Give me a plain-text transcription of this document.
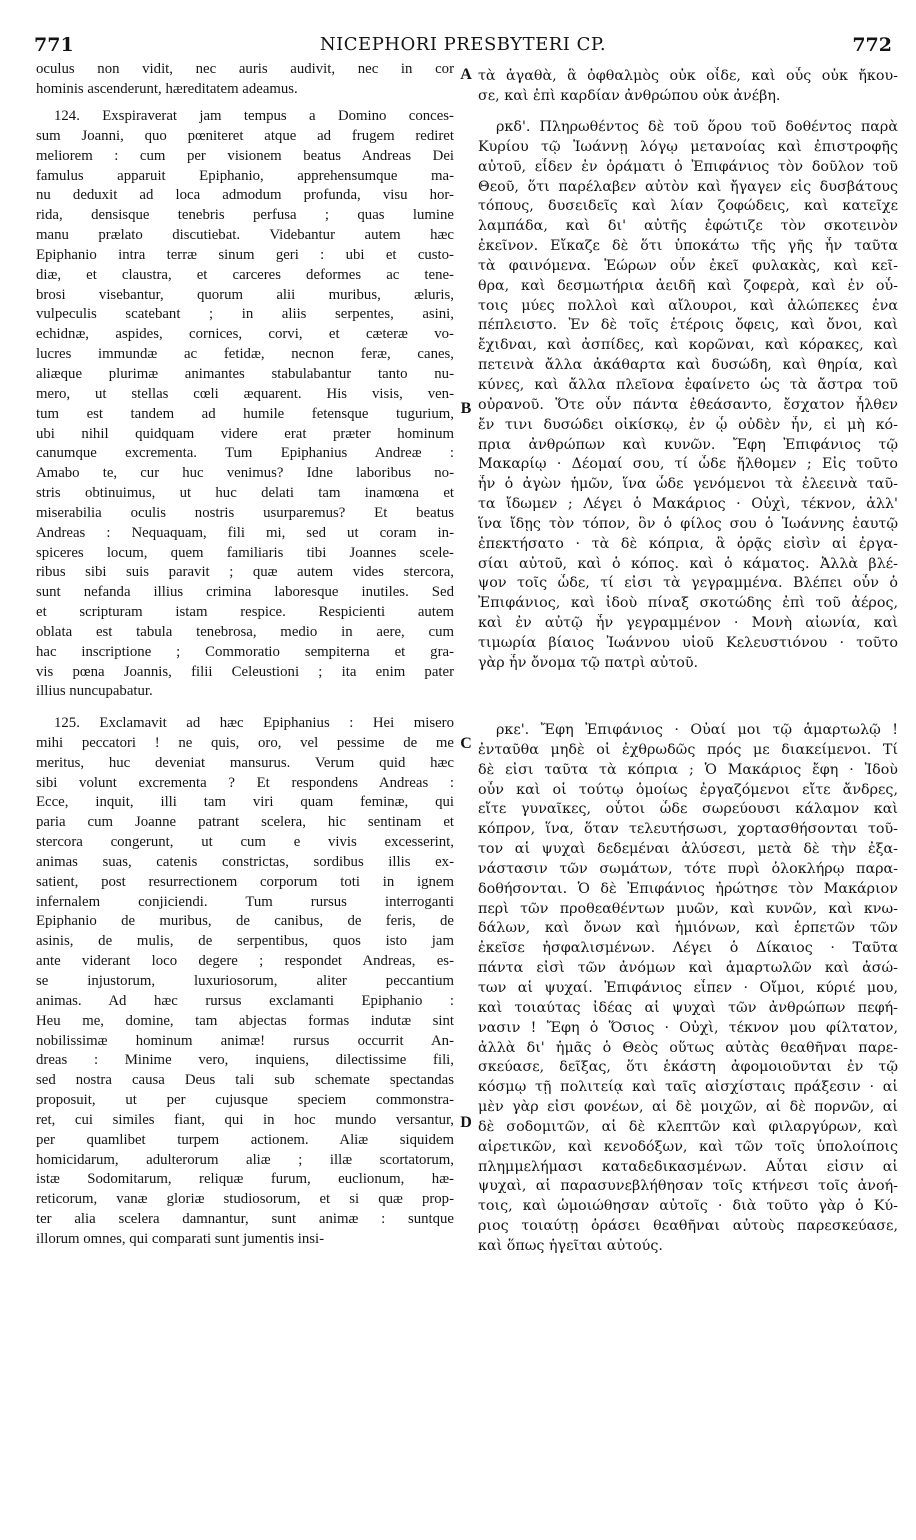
771	NICEPHORI PRESBYTERI CP.	772
oculus non vidit, nec auris audivit, nec in cor
hominis ascenderunt, hæreditatem adeamus.
124. Exspiraverat jam tempus a Domino conces-
sum Joanni, quo pœniteret atque ad frugem rediret
meliorem : cum per visionem beatus Andreas Dei
famulus apparuit Epiphanio, apprehensumque ma-
nu deduxit ad loca admodum profunda, visu hor-
rida, densisque tenebris perfusa ; quas lumine
manu prælato discutiebat. Videbantur autem hæc
Epiphanio intra terræ sinum geri : ubi et custo-
diæ, et claustra, et carceres deformes ac tene-
brosi visebantur, quorum alii muribus, æluris,
vulpeculis scatebant ; in aliis serpentes, asini,
echidnæ, aspides, cornices, corvi, et cæteræ vo-
lucres immundæ ac fetidæ, necnon feræ, canes,
aliæque plurimæ animantes stabulabantur tanto nu-
mero, ut stellas cœli æquarent. His visis, ven-
tum est tandem ad humile fetensque tugurium,
ubi nihil quidquam videre erat præter hominum
canumque excrementa. Tum Epiphanius Andreæ :
Amabo te, cur huc venimus? Idne laboribus no-
stris obtinuimus, ut huc delati tam inamœna et
miserabilia oculis nostris usurparemus? Et beatus
Andreas : Nequaquam, fili mi, sed ut coram in-
spiceres locum, quem familiaris tibi Joannes scele-
ribus sibi suis paravit ; quæ autem vides stercora,
sunt nefanda illius crimina laboresque inutiles. Sed
et scripturam istam respice. Respicienti autem
oblata est tabula tenebrosa, medio in aere, cum
hac inscriptione ; Commoratio sempiterna et gra-
vis pœna Joannis, filii Celeustioni ; ita enim pater
illius nuncupabatur.
125. Exclamavit ad hæc Epiphanius : Hei misero
mihi peccatori ! ne quis, oro, vel pessime de me
meritus, huc deveniat mansurus. Verum quid hæc
sibi volunt excrementa ? Et respondens Andreas :
Ecce, inquit, illi tam viri quam feminæ, qui
paria cum Joanne patrant scelera, hic sentinam et
stercora congerunt, ut cum e vivis excesserint,
animas suas, catenis constrictas, sordibus illis ex-
satient, post resurrectionem corporum toti in ignem
infernalem conjiciendi. Tum rursus interroganti
Epiphanio de muribus, de canibus, de feris, de
asinis, de mulis, de serpentibus, quos isto jam
ante viderant loco degere ; respondet Andreas, es-
se injustorum, luxuriosorum, aliter peccantium
animas. Ad hæc rursus exclamanti Epiphanio :
Heu me, domine, tam abjectas formas indutæ sint
nobilissimæ hominum animæ! rursus occurrit An-
dreas : Minime vero, inquiens, dilectissime fili,
sed nostra causa Deus tali sub schemate spectandas
proposuit, ut per cujusque speciem commonstra-
ret, cui similes fiant, qui in hoc mundo versantur,
per quamlibet turpem actionem. Aliæ siquidem
homicidarum, adulterorum aliæ ; illæ scortatorum,
istæ Sodomitarum, reliquæ furum, euclionum, hæ-
reticorum, vanæ gloriæ studiosorum, et si quæ prop-
ter alia scelera damnantur, sunt animæ : suntque
illorum omnes, qui comparati sunt jumentis insi-
τὰ ἀγαθὰ, ἃ ὀφθαλμὸς οὐκ οἶδε, καὶ οὖς οὐκ ἤκου-
σε, καὶ ἐπὶ καρδίαν ἀνθρώπου οὐκ ἀνέβη.
ρκδ'. Πληρωθέντος δὲ τοῦ ὅρου τοῦ δοθέντος παρὰ
Κυρίου τῷ Ἰωάννῃ λόγῳ μετανοίας καὶ ἐπιστροφῆς
αὐτοῦ, εἶδεν ἐν ὁράματι ὁ Ἐπιφάνιος τὸν δοῦλον τοῦ
Θεοῦ, ὅτι παρέλαβεν αὐτὸν καὶ ἤγαγεν εἰς δυσβάτους
τόπους, δυσειδεῖς καὶ λίαν ζοφώδεις, καὶ κατεῖχε
λαμπάδα, καὶ δι' αὐτῆς ἐφώτιζε τὸν σκοτεινὸν
ἐκεῖνον. Εἴκαζε δὲ ὅτι ὑποκάτω τῆς γῆς ἦν ταῦτα
τὰ φαινόμενα. Ἑώρων οὖν ἐκεῖ φυλακὰς, καὶ κεῖ-
θρα, καὶ δεσμωτήρια ἀειδῆ καὶ ζοφερὰ, καὶ ἐν οὖ-
τοις μύες πολλοὶ καὶ αἴλουροι, καὶ ἀλώπεκες ἐνα
πέπλειστο. Ἐν δὲ τοῖς ἑτέροις ὄφεις, καὶ ὄνοι, καὶ
ἔχιδναι, καὶ ἀσπίδες, καὶ κορῶναι, καὶ κόρακες, καὶ
πετεινὰ ἄλλα ἀκάθαρτα καὶ δυσώδη, καὶ θηρία, καὶ
κύνες, καὶ ἄλλα πλεῖονα ἐφαίνετο ὡς τὰ ἄστρα τοῦ
οὐρανοῦ. Ὅτε οὖν πάντα ἐθεάσαντο, ἔσχατον ἦλθεν
ἔν τινι δυσώδει οἰκίσκῳ, ἐν ᾧ οὐδὲν ἦν, εἰ μὴ κό-
πρια ἀνθρώπων καὶ κυνῶν. Ἔφη Ἐπιφάνιος τῷ
Μακαρίῳ · Δέομαί σου, τί ὧδε ἤλθομεν ; Εἰς τοῦτο
ἦν ὁ ἀγὼν ἡμῶν, ἵνα ὧδε γενόμενοι τὰ ἐλεεινὰ ταῦ-
τα ἴδωμεν ; Λέγει ὁ Μακάριος · Οὐχὶ, τέκνον, ἀλλ'
ἵνα ἴδῃς τὸν τόπον, ὃν ὁ φίλος σου ὁ Ἰωάννης ἑαυτῷ
ἐπεκτήσατο · τὰ δὲ κόπρια, ἃ ὁρᾷς εἰσὶν αἱ ἐργα-
σίαι αὐτοῦ, καὶ ὁ κόπος. καὶ ὁ κάματος. Ἀλλὰ βλέ-
ψον τοῖς ὧδε, τί εἰσι τὰ γεγραμμένα. Βλέπει οὖν ὁ
Ἐπιφάνιος, καὶ ἰδοὺ πίναξ σκοτώδης ἐπὶ τοῦ ἀέρος,
καὶ ἐν αὐτῷ ἦν γεγραμμένον · Μονὴ αἰωνία, καὶ
τιμωρία βίαιος Ἰωάννου υἱοῦ Κελευστιόνου · τοῦτο
γὰρ ἦν ὄνομα τῷ πατρὶ αὐτοῦ.
ρκε'. Ἔφη Ἐπιφάνιος · Οὐαί μοι τῷ ἁμαρτωλῷ !
ἐνταῦθα μηδὲ οἱ ἐχθρωδῶς πρός με διακείμενοι. Τί
δὲ εἰσι ταῦτα τὰ κόπρια ; Ὁ Μακάριος ἔφη · Ἰδοὺ
οὖν καὶ οἱ τούτῳ ὁμοίως ἐργαζόμενοι εἴτε ἄνδρες,
εἴτε γυναῖκες, οὗτοι ὧδε σωρεύουσι κάλαμον καὶ
κόπρον, ἵνα, ὅταν τελευτήσωσι, χορτασθήσονται τοῦ-
τον αἱ ψυχαὶ δεδεμέναι ἁλύσεσι, μετὰ δὲ τὴν ἐξα-
νάστασιν τῶν σωμάτων, τότε πυρὶ ὁλοκλήρῳ παρα-
δοθήσονται. Ὁ δὲ Ἐπιφάνιος ἠρώτησε τὸν Μακάριον
περὶ τῶν προθεαθέντων μυῶν, καὶ κυνῶν, καὶ κνω-
δάλων, καὶ ὄνων καὶ ἡμιόνων, καὶ ἑρπετῶν τῶν
ἐκεῖσε ἠσφαλισμένων. Λέγει ὁ Δίκαιος · Ταῦτα
πάντα εἰσὶ τῶν ἀνόμων καὶ ἁμαρτωλῶν καὶ ἀσώ-
των αἱ ψυχαί. Ἐπιφάνιος εἶπεν · Οἴμοι, κύριέ μου,
καὶ τοιαύτας ἰδέας αἱ ψυχαὶ τῶν ἀνθρώπων πεφή-
νασιν ! Ἔφη ὁ Ὅσιος · Οὐχὶ, τέκνον μου φίλτατον,
ἀλλὰ δι' ἡμᾶς ὁ Θεὸς οὕτως αὐτὰς θεαθῆναι παρε-
σκεύασε, δεῖξας, ὅτι ἑκάστη ἀφομοιοῦνται ἐν τῷ
κόσμῳ τῇ πολιτείᾳ καὶ ταῖς αἰσχίσταις πράξεσιν · αἱ
μὲν γὰρ εἰσι φονέων, αἱ δὲ μοιχῶν, αἱ δὲ πορνῶν, αἱ
δὲ σοδομιτῶν, αἱ δὲ κλεπτῶν καὶ φιλαργύρων, καὶ
αἱρετικῶν, καὶ κενοδόξων, καὶ τῶν τοῖς ὑπολοίποις
πλημμελήμασι καταδεδικασμένων. Αὗται εἰσιν αἱ
ψυχαὶ, αἱ παρασυνεβλήθησαν τοῖς κτήνεσι τοῖς ἀνοή-
τοις, καὶ ὡμοιώθησαν αὐτοῖς · διὰ τοῦτο γὰρ ὁ Κύ-
ριος τοιαύτῃ ὁράσει θεαθῆναι αὐτοὺς παρεσκεύασε,
καὶ ὅπως ἡγεῖται αὐτούς.
A
B
C
D
